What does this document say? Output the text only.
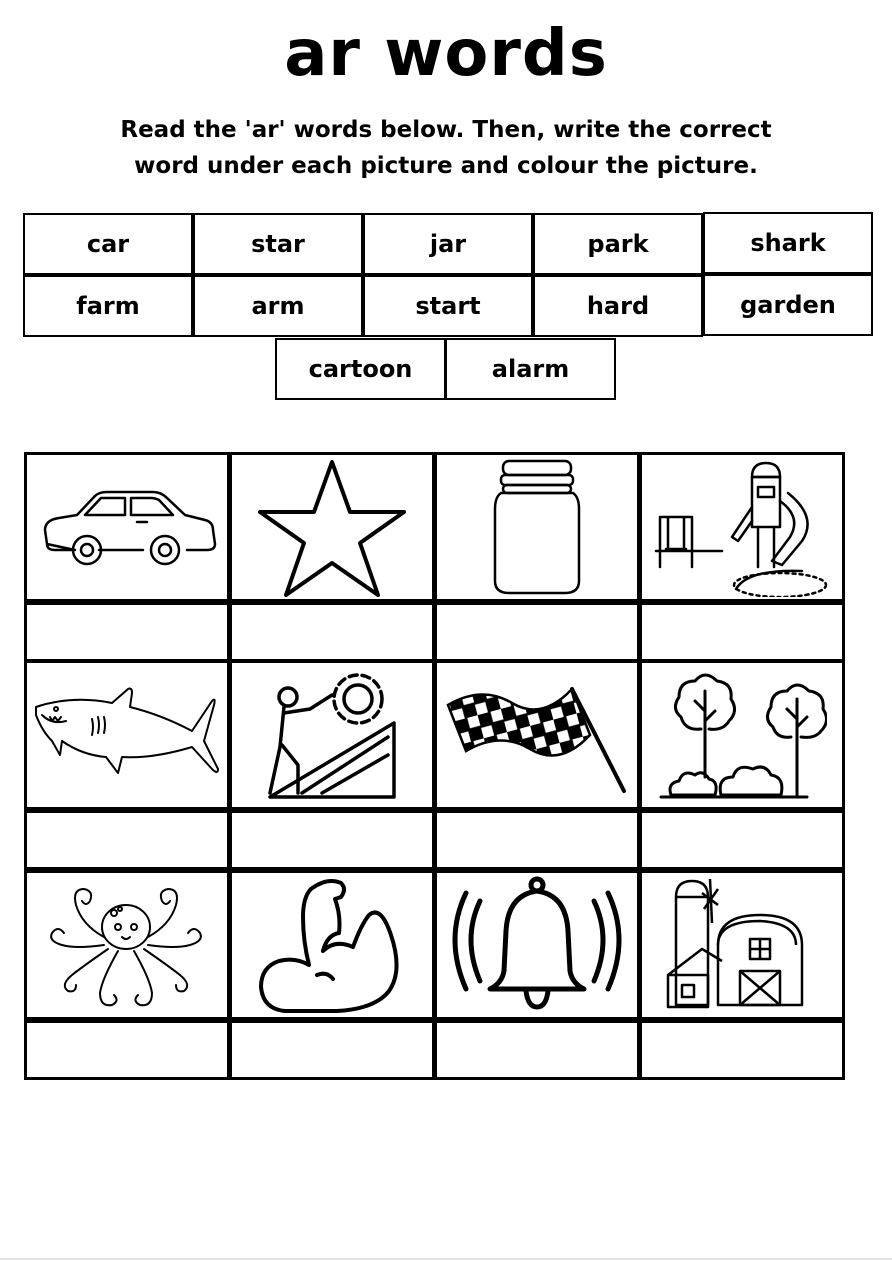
ar words
Read the 'ar' words below. Then, write the correct
word under each picture and colour the picture.
car	star	jar	park	shark
farm	arm	start	hard	garden
cartoon	alarm
